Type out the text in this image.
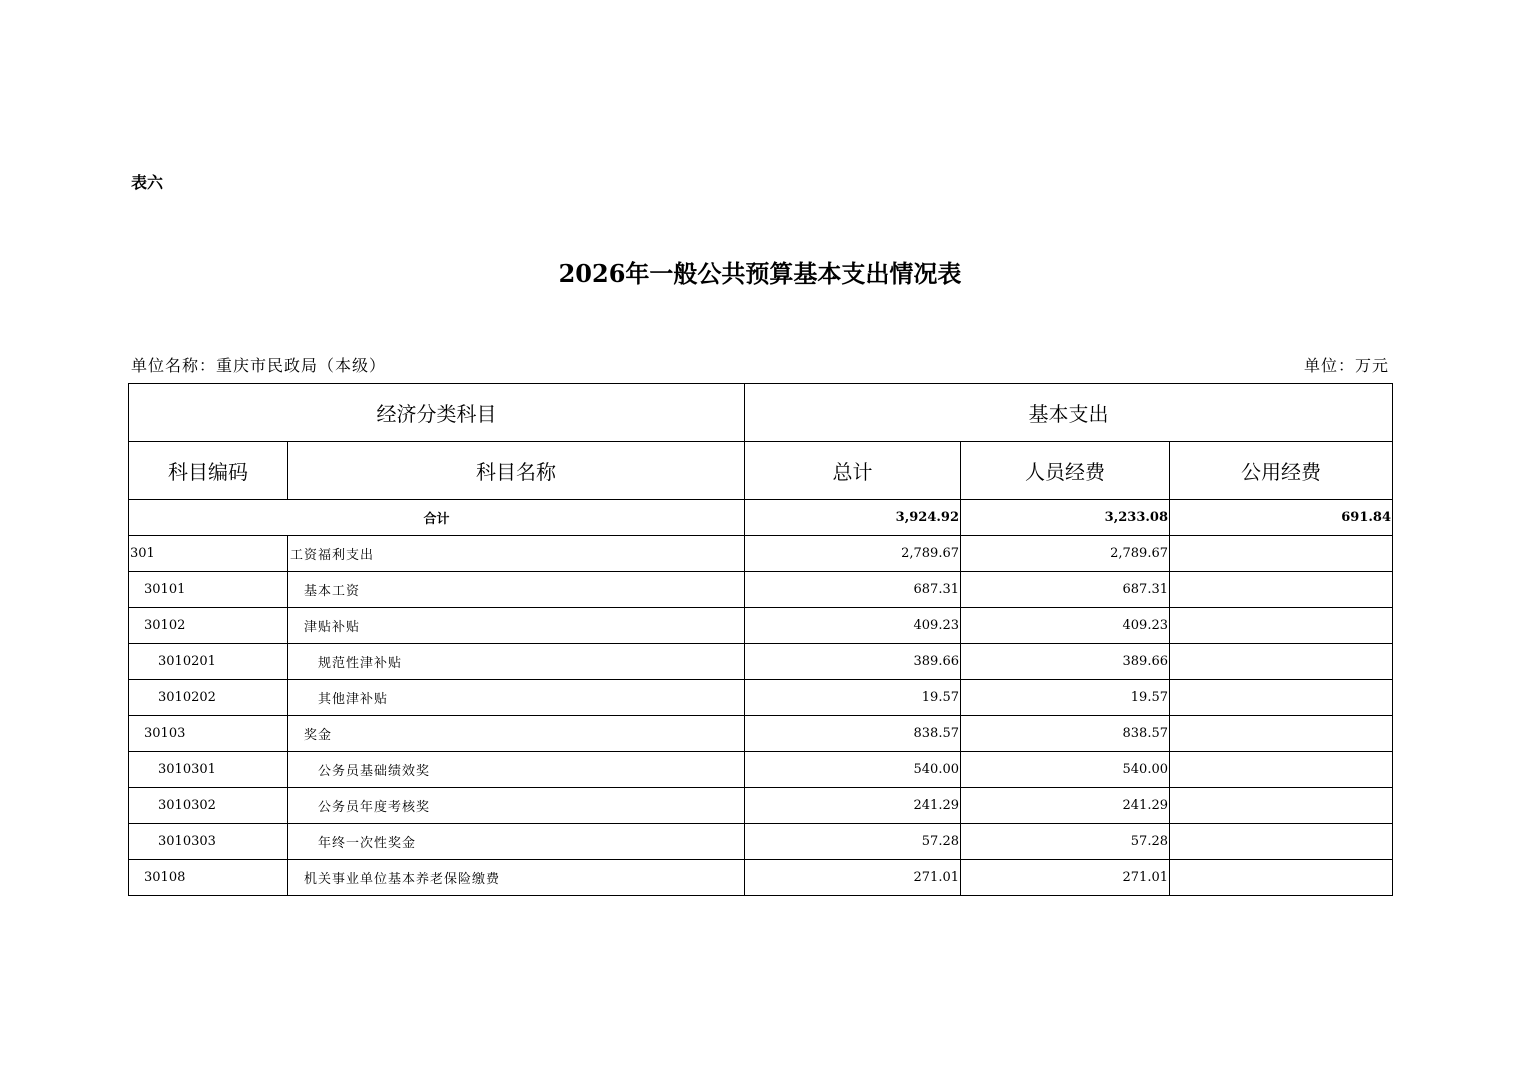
表六
2026年一般公共预算基本支出情况表
单位名称：重庆市民政局（本级）	单位：万元
经济分类科目		基本支出		
科目编码	科目名称	总计	人员经费	公用经费
合计		3,924.92	3,233.08	691.84
301	工资福利支出	2,789.67	2,789.67	
30101	基本工资	687.31	687.31	
30102	津贴补贴	409.23	409.23	
3010201	规范性津补贴	389.66	389.66	
3010202	其他津补贴	19.57	19.57	
30103	奖金	838.57	838.57	
3010301	公务员基础绩效奖	540.00	540.00	
3010302	公务员年度考核奖	241.29	241.29	
3010303	年终一次性奖金	57.28	57.28	
30108	机关事业单位基本养老保险缴费	271.01	271.01	
